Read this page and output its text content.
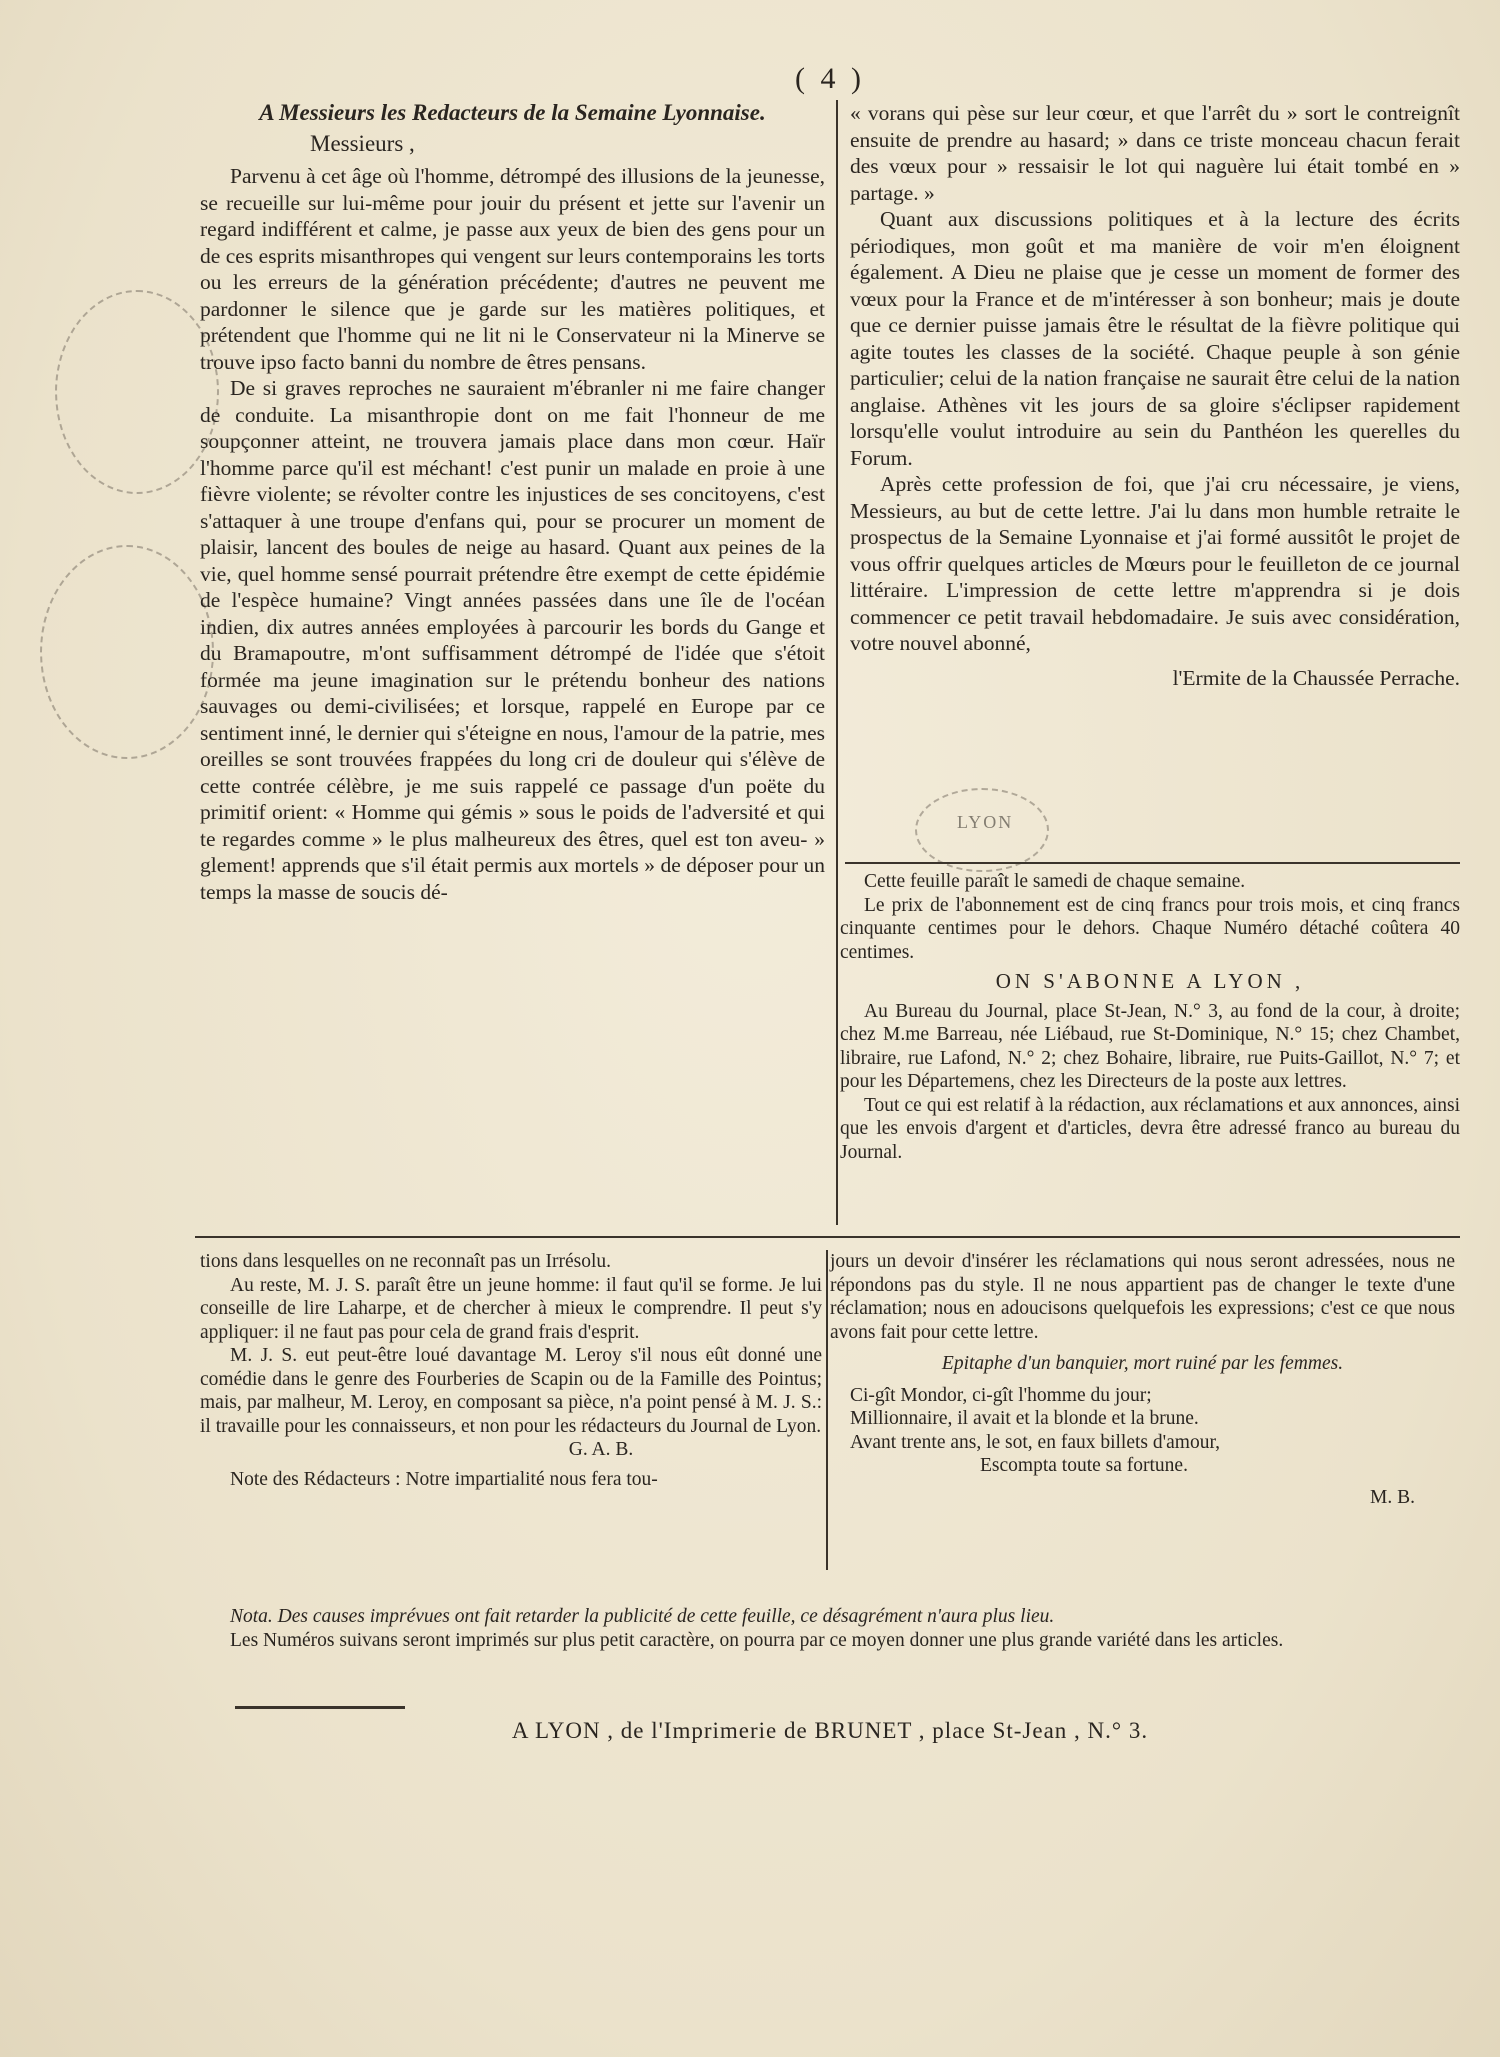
( 4 )
LYON

A Messieurs les Redacteurs de la Semaine Lyonnaise.

Messieurs ,

Parvenu à cet âge où l'homme, détrompé des illusions de la jeunesse, se recueille sur lui-même pour jouir du présent et jette sur l'avenir un regard indifférent et calme, je passe aux yeux de bien des gens pour un de ces esprits misanthropes qui vengent sur leurs contemporains les torts ou les erreurs de la génération précédente; d'autres ne peuvent me pardonner le silence que je garde sur les matières politiques, et prétendent que l'homme qui ne lit ni le Conservateur ni la Minerve se trouve ipso facto banni du nombre de êtres pensans.

De si graves reproches ne sauraient m'ébranler ni me faire changer de conduite. La misanthropie dont on me fait l'honneur de me soupçonner atteint, ne trouvera jamais place dans mon cœur. Haïr l'homme parce qu'il est méchant! c'est punir un malade en proie à une fièvre violente; se révolter contre les injustices de ses concitoyens, c'est s'attaquer à une troupe d'enfans qui, pour se procurer un moment de plaisir, lancent des boules de neige au hasard. Quant aux peines de la vie, quel homme sensé pourrait prétendre être exempt de cette épidémie de l'espèce humaine? Vingt années passées dans une île de l'océan indien, dix autres années employées à parcourir les bords du Gange et du Bramapoutre, m'ont suffisamment détrompé de l'idée que s'étoit formée ma jeune imagination sur le prétendu bonheur des nations sauvages ou demi-civilisées; et lorsque, rappelé en Europe par ce sentiment inné, le dernier qui s'éteigne en nous, l'amour de la patrie, mes oreilles se sont trouvées frappées du long cri de douleur qui s'élève de cette contrée célèbre, je me suis rappelé ce passage d'un poëte du primitif orient: « Homme qui gémis » sous le poids de l'adversité et qui te regardes comme » le plus malheureux des êtres, quel est ton aveu- » glement! apprends que s'il était permis aux mortels » de déposer pour un temps la masse de soucis dé-

« vorans qui pèse sur leur cœur, et que l'arrêt du » sort le contreignît ensuite de prendre au hasard; » dans ce triste monceau chacun ferait des vœux pour » ressaisir le lot qui naguère lui était tombé en » partage. »

Quant aux discussions politiques et à la lecture des écrits périodiques, mon goût et ma manière de voir m'en éloignent également. A Dieu ne plaise que je cesse un moment de former des vœux pour la France et de m'intéresser à son bonheur; mais je doute que ce dernier puisse jamais être le résultat de la fièvre politique qui agite toutes les classes de la société. Chaque peuple à son génie particulier; celui de la nation française ne saurait être celui de la nation anglaise. Athènes vit les jours de sa gloire s'éclipser rapidement lorsqu'elle voulut introduire au sein du Panthéon les querelles du Forum.

Après cette profession de foi, que j'ai cru nécessaire, je viens, Messieurs, au but de cette lettre. J'ai lu dans mon humble retraite le prospectus de la Semaine Lyonnaise et j'ai formé aussitôt le projet de vous offrir quelques articles de Mœurs pour le feuilleton de ce journal littéraire. L'impression de cette lettre m'apprendra si je dois commencer ce petit travail hebdomadaire. Je suis avec considération, votre nouvel abonné,

l'Ermite de la Chaussée Perrache.

Cette feuille paraît le samedi de chaque semaine.

Le prix de l'abonnement est de cinq francs pour trois mois, et cinq francs cinquante centimes pour le dehors. Chaque Numéro détaché coûtera 40 centimes.

ON S'ABONNE A LYON ,

Au Bureau du Journal, place St-Jean, N.° 3, au fond de la cour, à droite; chez M.me Barreau, née Liébaud, rue St-Dominique, N.° 15; chez Chambet, libraire, rue Lafond, N.° 2; chez Bohaire, libraire, rue Puits-Gaillot, N.° 7; et pour les Départemens, chez les Directeurs de la poste aux lettres.

Tout ce qui est relatif à la rédaction, aux réclamations et aux annonces, ainsi que les envois d'argent et d'articles, devra être adressé franco au bureau du Journal.

tions dans lesquelles on ne reconnaît pas un Irrésolu.

Au reste, M. J. S. paraît être un jeune homme: il faut qu'il se forme. Je lui conseille de lire Laharpe, et de chercher à mieux le comprendre. Il peut s'y appliquer: il ne faut pas pour cela de grand frais d'esprit.

M. J. S. eut peut-être loué davantage M. Leroy s'il nous eût donné une comédie dans le genre des Fourberies de Scapin ou de la Famille des Pointus; mais, par malheur, M. Leroy, en composant sa pièce, n'a point pensé à M. J. S.: il travaille pour les connaisseurs, et non pour les rédacteurs du Journal de Lyon.

G. A. B.

Note des Rédacteurs : Notre impartialité nous fera tou-

jours un devoir d'insérer les réclamations qui nous seront adressées, nous ne répondons pas du style. Il ne nous appartient pas de changer le texte d'une réclamation; nous en adoucisons quelquefois les expressions; c'est ce que nous avons fait pour cette lettre.

Epitaphe d'un banquier, mort ruiné par les femmes.

Ci-gît Mondor, ci-gît l'homme du jour;

Millionnaire, il avait et la blonde et la brune.

Avant trente ans, le sot, en faux billets d'amour,

Escompta toute sa fortune.

M. B.

Nota. Des causes imprévues ont fait retarder la publicité de cette feuille, ce désagrément n'aura plus lieu.

Les Numéros suivans seront imprimés sur plus petit caractère, on pourra par ce moyen donner une plus grande variété dans les articles.

A LYON , de l'Imprimerie de BRUNET , place St-Jean , N.° 3.
